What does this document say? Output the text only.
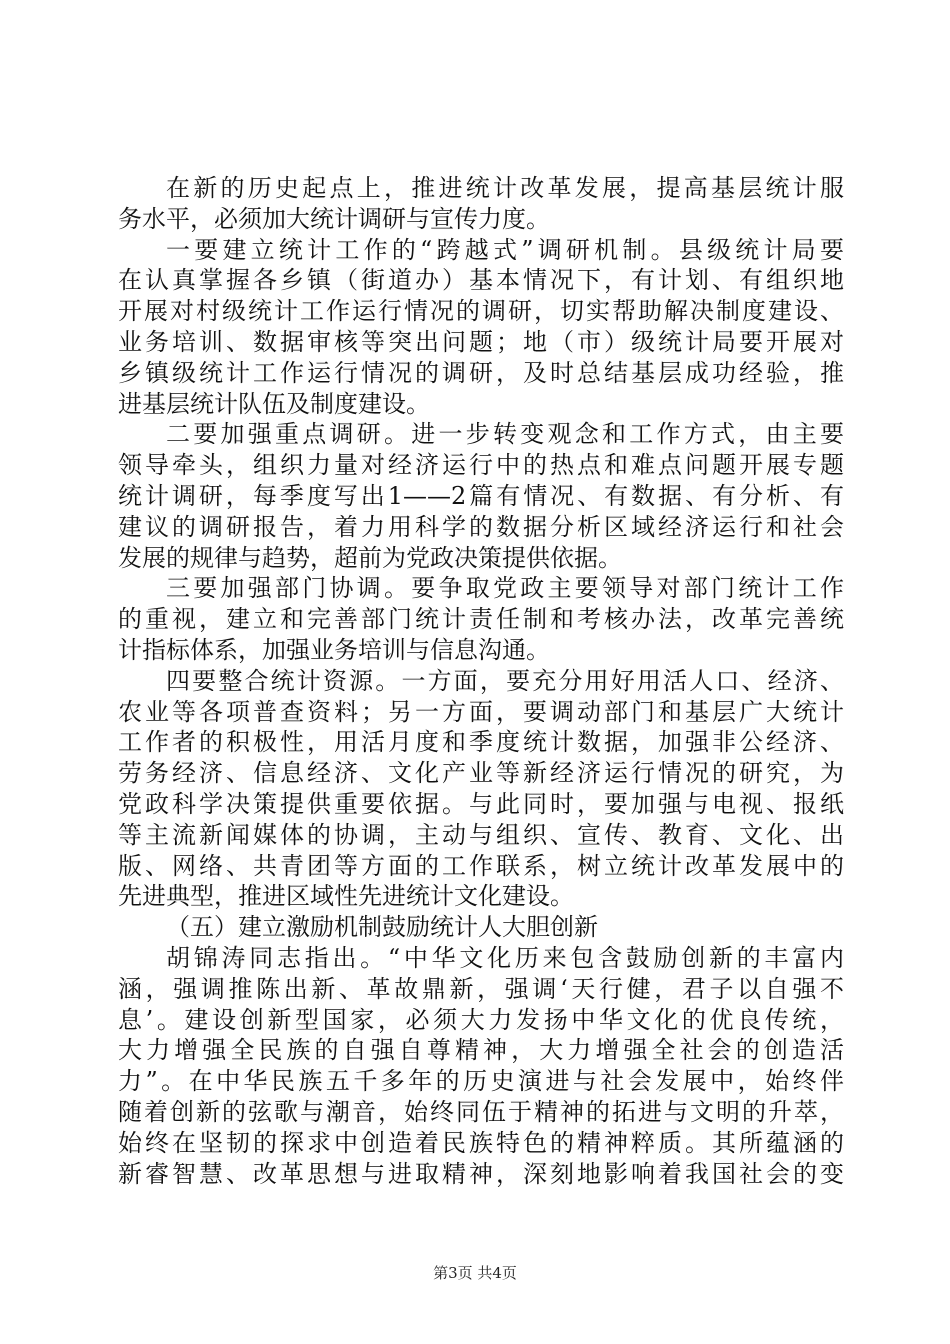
在新的历史起点上，推进统计改革发展，提高基层统计服
务水平，必须加大统计调研与宣传力度。
一要建立统计工作的“跨越式”调研机制。县级统计局要
在认真掌握各乡镇（街道办）基本情况下，有计划、有组织地
开展对村级统计工作运行情况的调研，切实帮助解决制度建设、
业务培训、数据审核等突出问题；地（市）级统计局要开展对
乡镇级统计工作运行情况的调研，及时总结基层成功经验，推
进基层统计队伍及制度建设。
二要加强重点调研。进一步转变观念和工作方式，由主要
领导牵头，组织力量对经济运行中的热点和难点问题开展专题
统计调研，每季度写出1——2篇有情况、有数据、有分析、有
建议的调研报告，着力用科学的数据分析区域经济运行和社会
发展的规律与趋势，超前为党政决策提供依据。
三要加强部门协调。要争取党政主要领导对部门统计工作
的重视，建立和完善部门统计责任制和考核办法，改革完善统
计指标体系，加强业务培训与信息沟通。
四要整合统计资源。一方面，要充分用好用活人口、经济、
农业等各项普查资料；另一方面，要调动部门和基层广大统计
工作者的积极性，用活月度和季度统计数据，加强非公经济、
劳务经济、信息经济、文化产业等新经济运行情况的研究，为
党政科学决策提供重要依据。与此同时，要加强与电视、报纸
等主流新闻媒体的协调，主动与组织、宣传、教育、文化、出
版、网络、共青团等方面的工作联系，树立统计改革发展中的
先进典型，推进区域性先进统计文化建设。
（五）建立激励机制鼓励统计人大胆创新
胡锦涛同志指出。“中华文化历来包含鼓励创新的丰富内
涵，强调推陈出新、革故鼎新，强调‘天行健，君子以自强不
息’。建设创新型国家，必须大力发扬中华文化的优良传统，
大力增强全民族的自强自尊精神，大力增强全社会的创造活
力”。在中华民族五千多年的历史演进与社会发展中，始终伴
随着创新的弦歌与潮音，始终同伍于精神的拓进与文明的升萃，
始终在坚韧的探求中创造着民族特色的精神粹质。其所蕴涵的
新睿智慧、改革思想与进取精神，深刻地影响着我国社会的变
第3页 共4页
